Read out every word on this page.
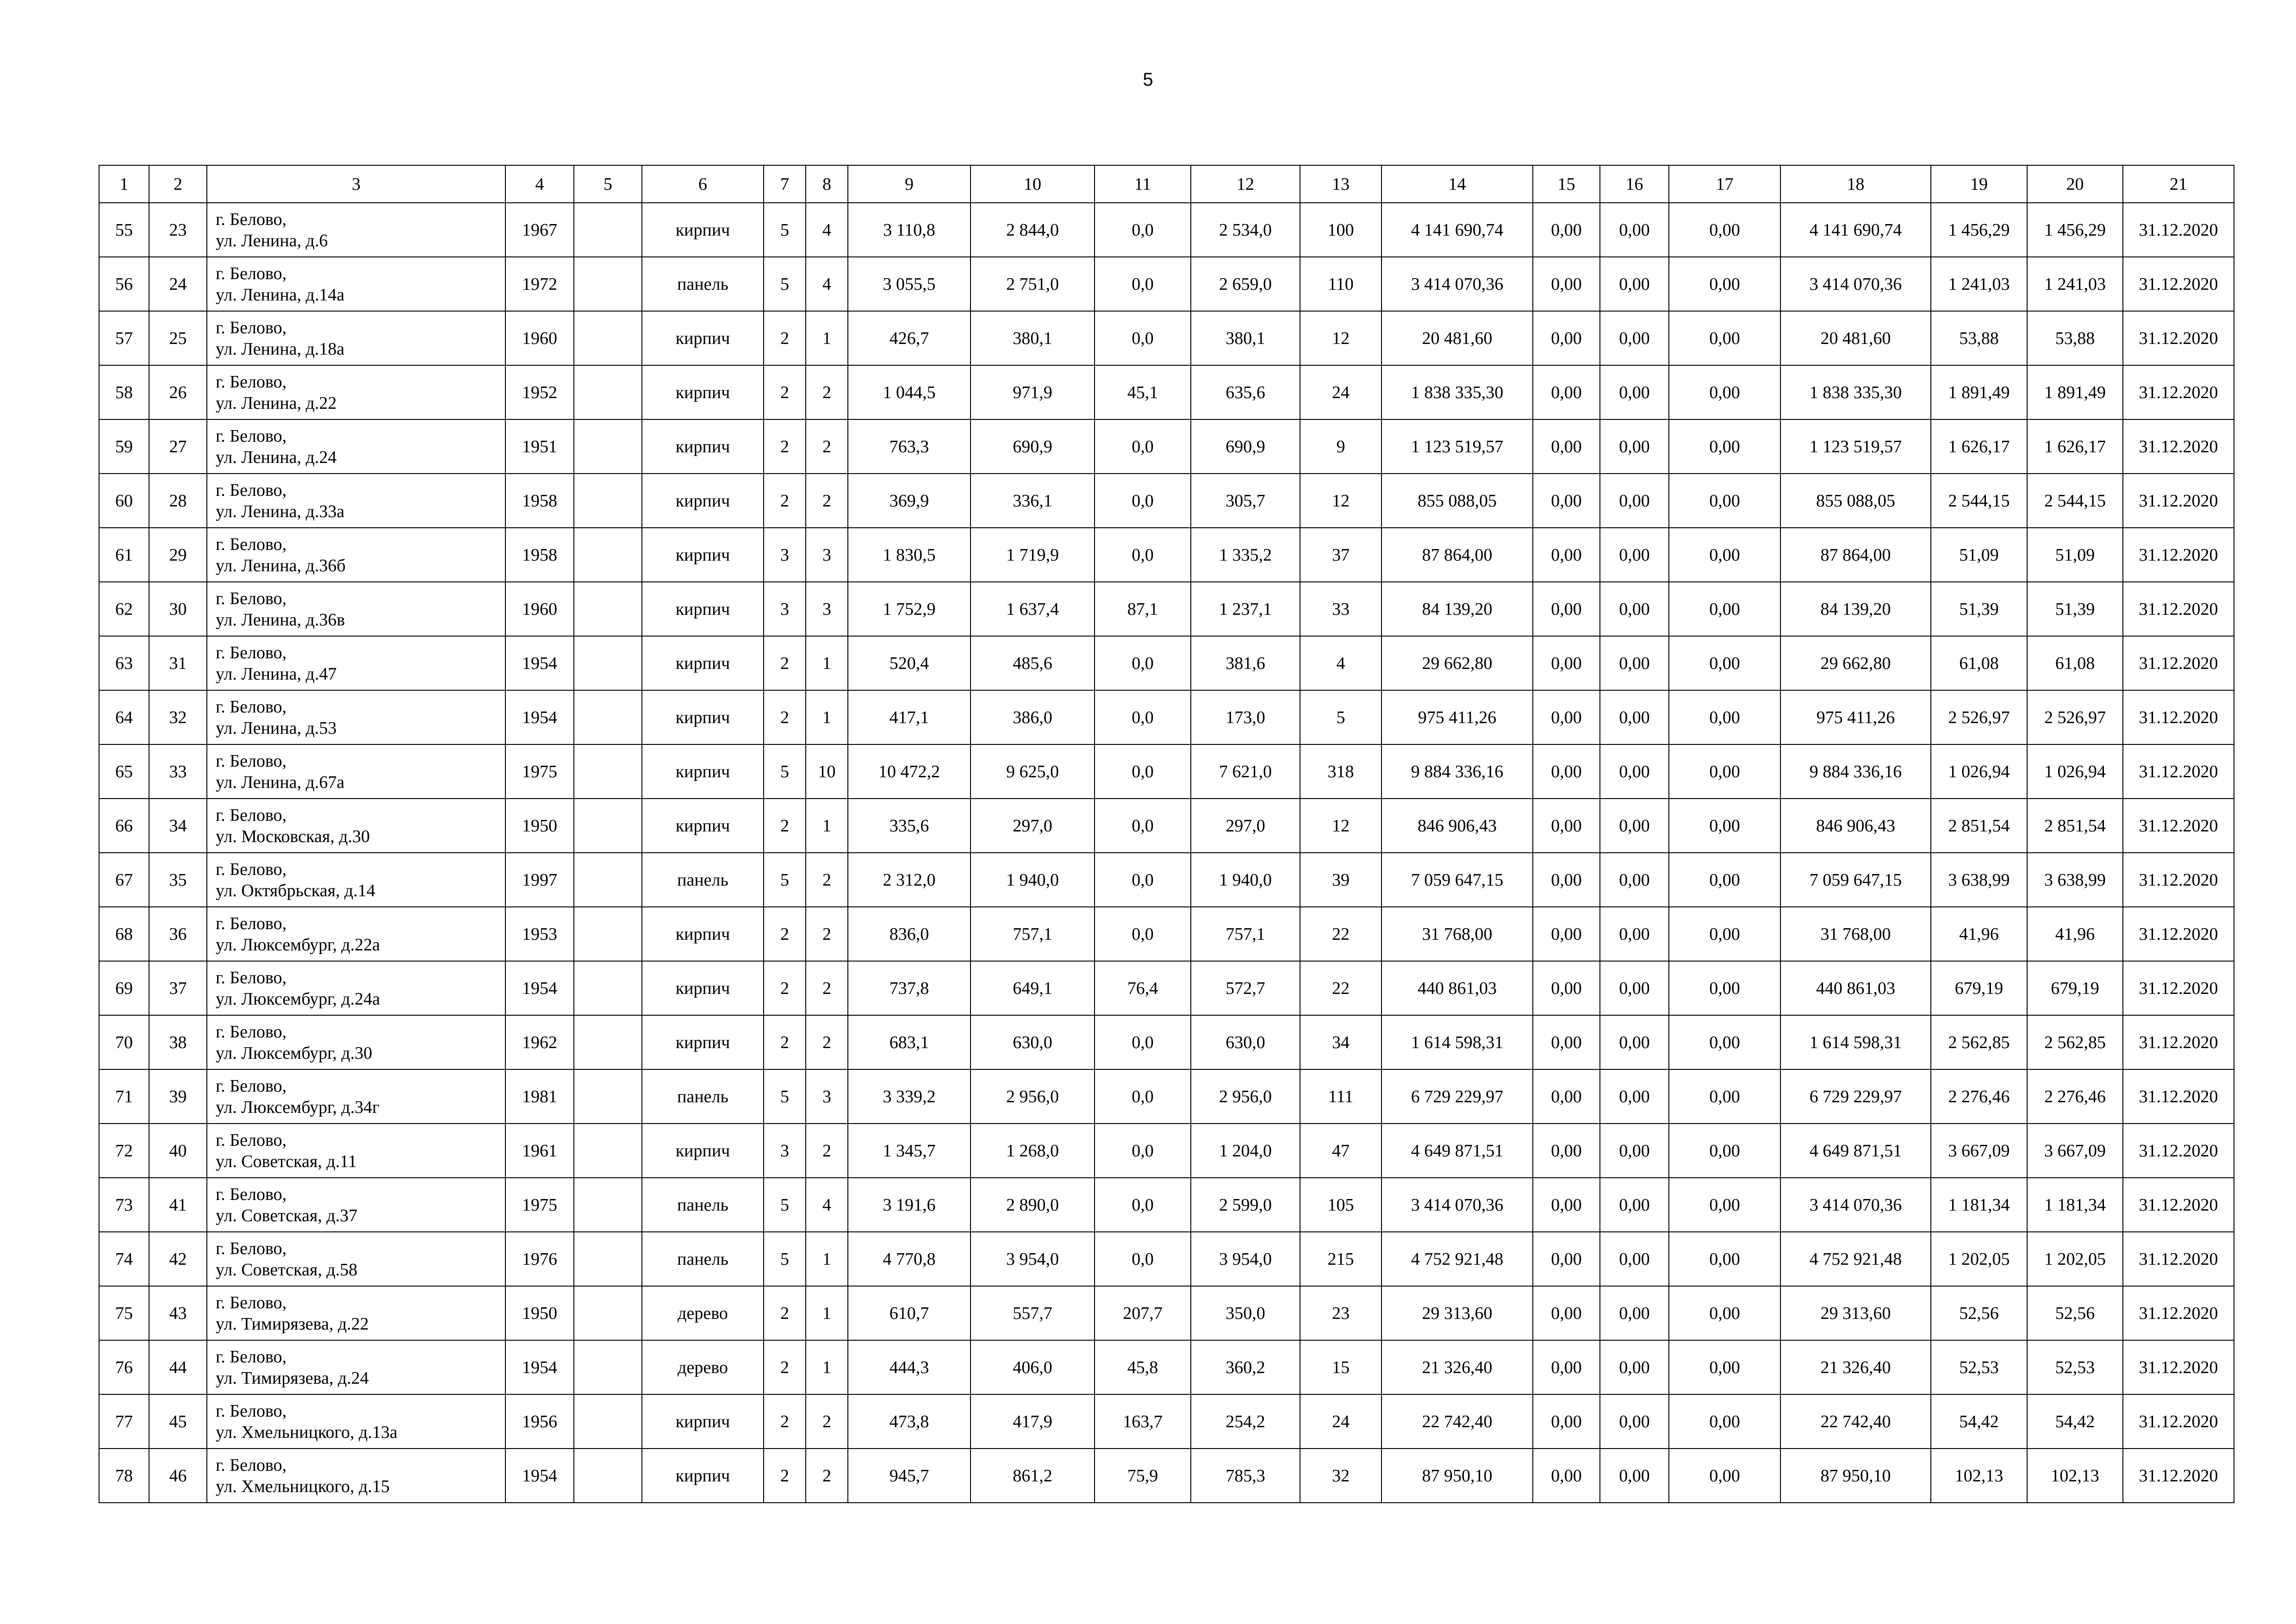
5
1	2	3	4	5	6	7	8	9	10	11	12	13	14	15	16	17	18	19	20	21
55	23	г. Белово,
ул. Ленина, д.6	1967		кирпич	5	4	3 110,8	2 844,0	0,0	2 534,0	100	4 141 690,74	0,00	0,00	0,00	4 141 690,74	1 456,29	1 456,29	31.12.2020
56	24	г. Белово,
ул. Ленина, д.14а	1972		панель	5	4	3 055,5	2 751,0	0,0	2 659,0	110	3 414 070,36	0,00	0,00	0,00	3 414 070,36	1 241,03	1 241,03	31.12.2020
57	25	г. Белово,
ул. Ленина, д.18а	1960		кирпич	2	1	426,7	380,1	0,0	380,1	12	20 481,60	0,00	0,00	0,00	20 481,60	53,88	53,88	31.12.2020
58	26	г. Белово,
ул. Ленина, д.22	1952		кирпич	2	2	1 044,5	971,9	45,1	635,6	24	1 838 335,30	0,00	0,00	0,00	1 838 335,30	1 891,49	1 891,49	31.12.2020
59	27	г. Белово,
ул. Ленина, д.24	1951		кирпич	2	2	763,3	690,9	0,0	690,9	9	1 123 519,57	0,00	0,00	0,00	1 123 519,57	1 626,17	1 626,17	31.12.2020
60	28	г. Белово,
ул. Ленина, д.33а	1958		кирпич	2	2	369,9	336,1	0,0	305,7	12	855 088,05	0,00	0,00	0,00	855 088,05	2 544,15	2 544,15	31.12.2020
61	29	г. Белово,
ул. Ленина, д.36б	1958		кирпич	3	3	1 830,5	1 719,9	0,0	1 335,2	37	87 864,00	0,00	0,00	0,00	87 864,00	51,09	51,09	31.12.2020
62	30	г. Белово,
ул. Ленина, д.36в	1960		кирпич	3	3	1 752,9	1 637,4	87,1	1 237,1	33	84 139,20	0,00	0,00	0,00	84 139,20	51,39	51,39	31.12.2020
63	31	г. Белово,
ул. Ленина, д.47	1954		кирпич	2	1	520,4	485,6	0,0	381,6	4	29 662,80	0,00	0,00	0,00	29 662,80	61,08	61,08	31.12.2020
64	32	г. Белово,
ул. Ленина, д.53	1954		кирпич	2	1	417,1	386,0	0,0	173,0	5	975 411,26	0,00	0,00	0,00	975 411,26	2 526,97	2 526,97	31.12.2020
65	33	г. Белово,
ул. Ленина, д.67а	1975		кирпич	5	10	10 472,2	9 625,0	0,0	7 621,0	318	9 884 336,16	0,00	0,00	0,00	9 884 336,16	1 026,94	1 026,94	31.12.2020
66	34	г. Белово,
ул. Московская, д.30	1950		кирпич	2	1	335,6	297,0	0,0	297,0	12	846 906,43	0,00	0,00	0,00	846 906,43	2 851,54	2 851,54	31.12.2020
67	35	г. Белово,
ул. Октябрьская, д.14	1997		панель	5	2	2 312,0	1 940,0	0,0	1 940,0	39	7 059 647,15	0,00	0,00	0,00	7 059 647,15	3 638,99	3 638,99	31.12.2020
68	36	г. Белово,
ул. Люксембург, д.22а	1953		кирпич	2	2	836,0	757,1	0,0	757,1	22	31 768,00	0,00	0,00	0,00	31 768,00	41,96	41,96	31.12.2020
69	37	г. Белово,
ул. Люксембург, д.24а	1954		кирпич	2	2	737,8	649,1	76,4	572,7	22	440 861,03	0,00	0,00	0,00	440 861,03	679,19	679,19	31.12.2020
70	38	г. Белово,
ул. Люксембург, д.30	1962		кирпич	2	2	683,1	630,0	0,0	630,0	34	1 614 598,31	0,00	0,00	0,00	1 614 598,31	2 562,85	2 562,85	31.12.2020
71	39	г. Белово,
ул. Люксембург, д.34г	1981		панель	5	3	3 339,2	2 956,0	0,0	2 956,0	111	6 729 229,97	0,00	0,00	0,00	6 729 229,97	2 276,46	2 276,46	31.12.2020
72	40	г. Белово,
ул. Советская, д.11	1961		кирпич	3	2	1 345,7	1 268,0	0,0	1 204,0	47	4 649 871,51	0,00	0,00	0,00	4 649 871,51	3 667,09	3 667,09	31.12.2020
73	41	г. Белово,
ул. Советская, д.37	1975		панель	5	4	3 191,6	2 890,0	0,0	2 599,0	105	3 414 070,36	0,00	0,00	0,00	3 414 070,36	1 181,34	1 181,34	31.12.2020
74	42	г. Белово,
ул. Советская, д.58	1976		панель	5	1	4 770,8	3 954,0	0,0	3 954,0	215	4 752 921,48	0,00	0,00	0,00	4 752 921,48	1 202,05	1 202,05	31.12.2020
75	43	г. Белово,
ул. Тимирязева, д.22	1950		дерево	2	1	610,7	557,7	207,7	350,0	23	29 313,60	0,00	0,00	0,00	29 313,60	52,56	52,56	31.12.2020
76	44	г. Белово,
ул. Тимирязева, д.24	1954		дерево	2	1	444,3	406,0	45,8	360,2	15	21 326,40	0,00	0,00	0,00	21 326,40	52,53	52,53	31.12.2020
77	45	г. Белово,
ул. Хмельницкого, д.13а	1956		кирпич	2	2	473,8	417,9	163,7	254,2	24	22 742,40	0,00	0,00	0,00	22 742,40	54,42	54,42	31.12.2020
78	46	г. Белово,
ул. Хмельницкого, д.15	1954		кирпич	2	2	945,7	861,2	75,9	785,3	32	87 950,10	0,00	0,00	0,00	87 950,10	102,13	102,13	31.12.2020
